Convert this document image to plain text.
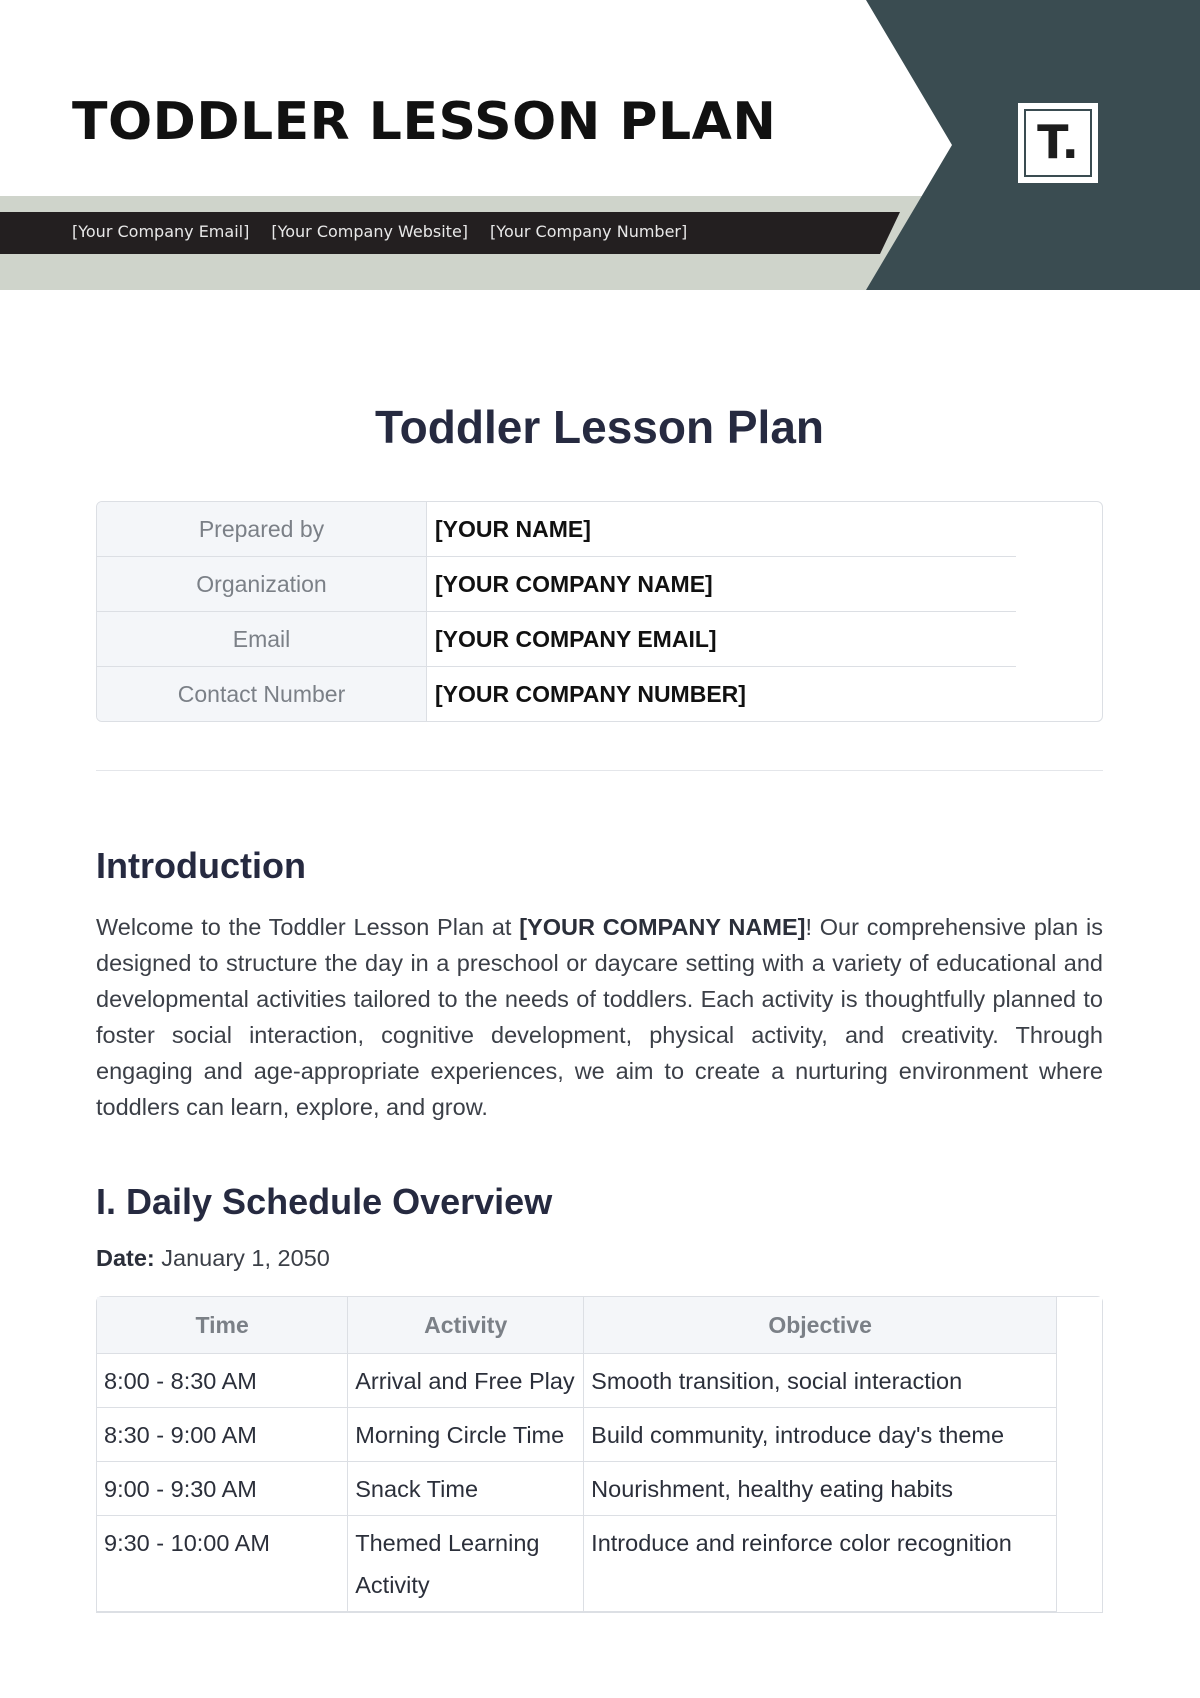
TODDLER LESSON PLAN
[Your Company Email] [Your Company Website] [Your Company Number]
T.
Toddler Lesson Plan
Prepared by	[YOUR NAME]	
Organization	[YOUR COMPANY NAME]	
Email	[YOUR COMPANY EMAIL]	
Contact Number	[YOUR COMPANY NUMBER]	
Introduction

Welcome to the Toddler Lesson Plan at [YOUR COMPANY NAME]! Our comprehensive plan is designed to structure the day in a preschool or daycare setting with a variety of educational and developmental activities tailored to the needs of toddlers. Each activity is thoughtfully planned to foster social interaction, cognitive development, physical activity, and creativity. Through engaging and age-appropriate experiences, we aim to create a nurturing environment where toddlers can learn, explore, and grow.

I. Daily Schedule Overview
Date: January 1, 2050
Time	Activity	Objective	
8:00 - 8:30 AM	Arrival and Free Play	Smooth transition, social interaction	
8:30 - 9:00 AM	Morning Circle Time	Build community, introduce day's theme	
9:00 - 9:30 AM	Snack Time	Nourishment, healthy eating habits	
9:30 - 10:00 AM	Themed Learning Activity	Introduce and reinforce color recognition	
